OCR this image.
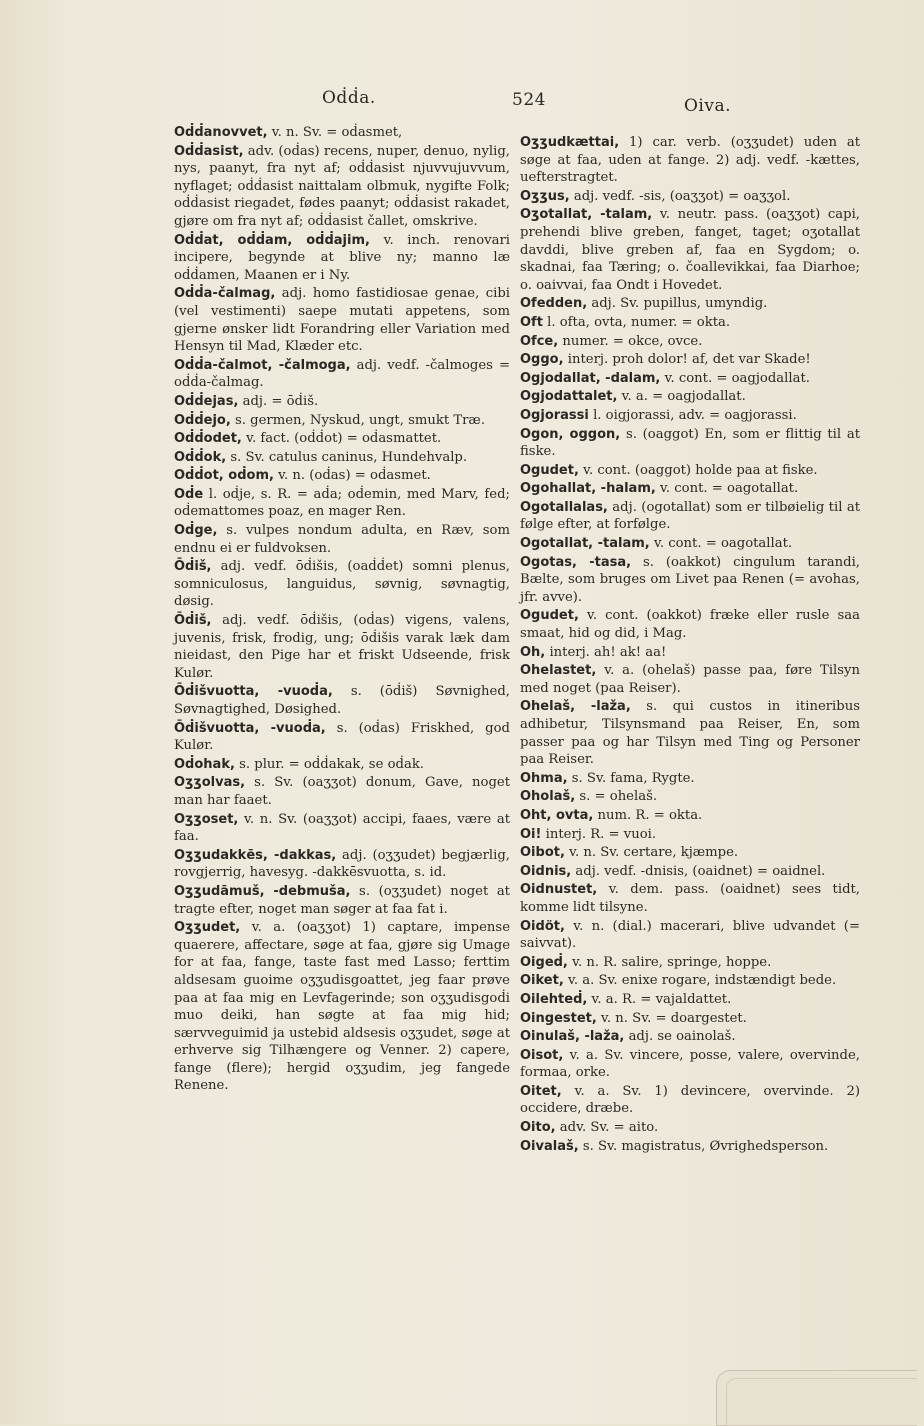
Oḋḋa.	524	Oiva.
Oḋḋanovvet, v. n. Sv. = oḋasmet,
Oḋḋasist, adv. (oḋas) recens, nuper, denuo, nylig, nys, paanyt, fra nyt af; oḋḋasist njuvvujuvvum, nyflaget; oḋḋasist naittalam olbmuk, nygifte Folk; oḋḋasist riegadet, fødes paanyt; oḋḋasist rakadet, gjøre om fra nyt af; oḋḋasist čallet, omskrive.
Oḋḋat, oḋḋam, oḋḋajim, v. inch. renovari incipere, begynde at blive ny; manno læ oḋḋamen, Maanen er i Ny.
Oḋḋa-čalmag, adj. homo fastidiosae genae, cibi (vel vestimenti) saepe mutati appetens, som gjerne ønsker lidt Forandring eller Variation med Hensyn til Mad, Klæder etc.
Oḋḋa-čalmot, -čalmoga, adj. vedf. -čalmoges = oḋḋa-čalmag.
Oḋḋejas, adj. = ōḋiš.
Oḋḋejo, s. germen, Nyskud, ungt, smukt Træ.
Oḋḋodet, v. fact. (oḋḋot) = oḋasmattet.
Oḋḋok, s. Sv. catulus caninus, Hundehvalp.
Oḋḋot, oḋom, v. n. (oḋas) = oḋasmet.
Oḋe l. oḋje, s. R. = aḋa; oḋemin, med Marv, fed; oḋemattomes poaz, en mager Ren.
Oḋge, s. vulpes nondum adulta, en Ræv, som endnu ei er fuldvoksen.
Ōḋiš, adj. vedf. ōḋišis, (oaḋḋet) somni plenus, somniculosus, languidus, søvnig, søvnagtig, døsig.
Ōḋiš, adj. vedf. ōḋišis, (oḋas) vigens, valens, juvenis, frisk, frodig, ung; ōḋišis varak læk dam nieidast, den Pige har et friskt Udseende, frisk Kulør.
Ōḋišvuotta, -vuoḋa, s. (ōḋiš) Søvnighed, Søvnagtighed, Døsighed.
Ōḋišvuotta, -vuoḋa, s. (oḋas) Friskhed, god Kulør.
Oḋohak, s. plur. = oḋḋakak, se oḋak.
Oʒʒolvas, s. Sv. (oaʒʒot) donum, Gave, noget man har faaet.
Oʒʒoset, v. n. Sv. (oaʒʒot) accipi, faaes, være at faa.
Oʒʒudakkēs, -dakkas, adj. (oʒʒudet) begjærlig, rovgjerrig, havesyg. -dakkēsvuotta, s. id.
Oʒʒudāmuš, -debmuša, s. (oʒʒudet) noget at tragte efter, noget man søger at faa fat i.
Oʒʒudet, v. a. (oaʒʒot) 1) captare, impense quaerere, affectare, søge at faa, gjøre sig Umage for at faa, fange, taste fast med Lasso; ferttim aldsesam guoime oʒʒudisgoattet, jeg faar prøve paa at faa mig en Levfagerinde; son oʒʒudisgoḋi muo deiki, han søgte at faa mig hid; særvveguimid ja ustebid aldsesis oʒʒudet, søge at erhverve sig Tilhængere og Venner. 2) capere, fange (flere); hergid oʒʒudim, jeg fangede Renene.
Oʒʒudkættai, 1) car. verb. (oʒʒudet) uden at søge at faa, uden at fange. 2) adj. vedf. -kættes, uefterstragtet.
Oʒʒus, adj. vedf. -sis, (oaʒʒot) = oaʒʒol.
Oʒotallat, -talam, v. neutr. pass. (oaʒʒot) capi, prehendi blive greben, fanget, taget; oʒotallat davddi, blive greben af, faa en Sygdom; o. skadnai, faa Tæring; o. čoallevikkai, faa Diarhoe; o. oaivvai, faa Ondt i Hovedet.
Ofedden, adj. Sv. pupillus, umyndig.
Oft l. ofta, ovta, numer. = okta.
Ofce, numer. = okce, ovce.
Oggo, interj. proh dolor! af, det var Skade!
Ogjodallat, -dalam, v. cont. = oagjodallat.
Ogjodattalet, v. a. = oagjodallat.
Ogjorassi l. oigjorassi, adv. = oagjorassi.
Ogon, oggon, s. (oaggot) En, som er flittig til at fiske.
Ogudet, v. cont. (oaggot) holde paa at fiske.
Ogohallat, -halam, v. cont. = oagotallat.
Ogotallalas, adj. (ogotallat) som er tilbøielig til at følge efter, at forfølge.
Ogotallat, -talam, v. cont. = oagotallat.
Ogotas, -tasa, s. (oakkot) cingulum tarandi, Bælte, som bruges om Livet paa Renen (= avohas, jfr. avve).
Ogudet, v. cont. (oakkot) fræke eller rusle saa smaat, hid og did, i Mag.
Oh, interj. ah! ak! aa!
Ohelastet, v. a. (ohelaš) passe paa, føre Tilsyn med noget (paa Reiser).
Ohelaš, -laža, s. qui custos in itineribus adhibetur, Tilsynsmand paa Reiser, En, som passer paa og har Tilsyn med Ting og Personer paa Reiser.
Ohma, s. Sv. fama, Rygte.
Oholaš, s. = ohelaš.
Oht, ovta, num. R. = okta.
Oi! interj. R. = vuoi.
Oibot, v. n. Sv. certare, kjæmpe.
Oidnis, adj. vedf. -dnisis, (oaidnet) = oaidnel.
Oidnustet, v. dem. pass. (oaidnet) sees tidt, komme lidt tilsyne.
Oidöt, v. n. (dial.) macerari, blive udvandet (= saivvat).
Oigeḋ, v. n. R. salire, springe, hoppe.
Oiket, v. a. Sv. enixe rogare, indstændigt bede.
Oilehteḋ, v. a. R. = vajaldattet.
Oingestet, v. n. Sv. = doargestet.
Oinulaš, -laža, adj. se oainolaš.
Oisot, v. a. Sv. vincere, posse, valere, overvinde, formaa, orke.
Oitet, v. a. Sv. 1) devincere, overvinde. 2) occidere, dræbe.
Oito, adv. Sv. = aito.
Oivalaš, s. Sv. magistratus, Øvrighedsperson.
